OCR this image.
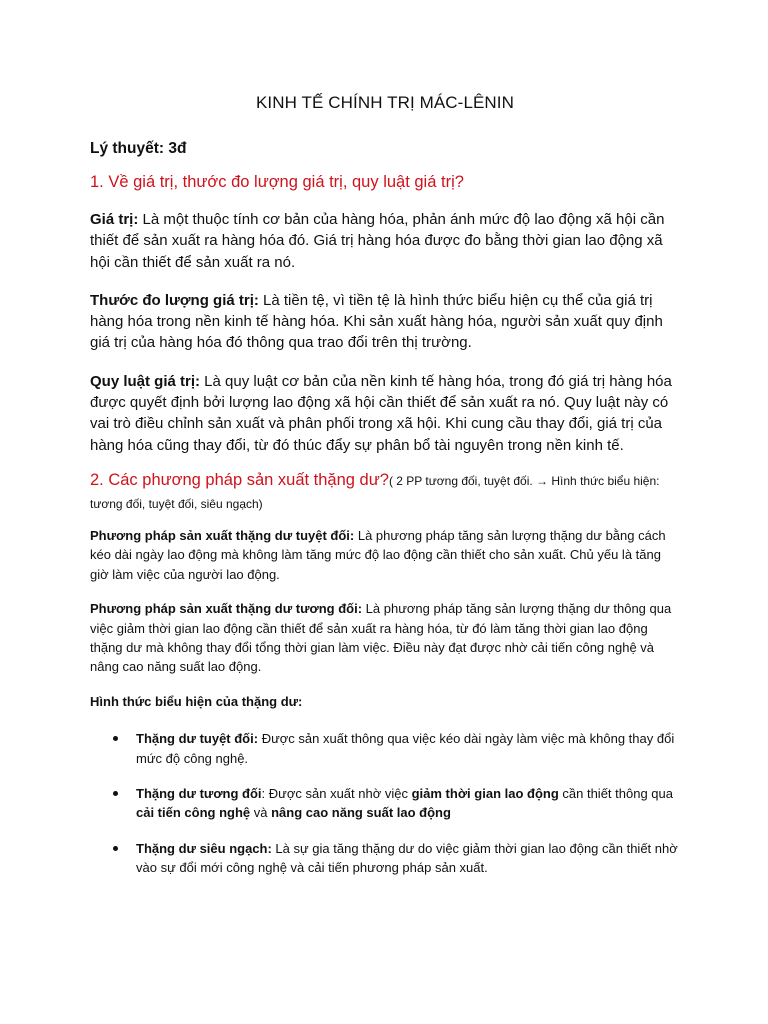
KINH TẾ CHÍNH TRỊ MÁC-LÊNIN
Lý thuyết: 3đ
1. Về giá trị, thước đo lượng giá trị, quy luật giá trị?

Giá trị: Là một thuộc tính cơ bản của hàng hóa, phản ánh mức độ lao động xã hội cần thiết để sản xuất ra hàng hóa đó. Giá trị hàng hóa được đo bằng thời gian lao động xã hội cần thiết để sản xuất ra nó.

Thước đo lượng giá trị: Là tiền tệ, vì tiền tệ là hình thức biểu hiện cụ thể của giá trị hàng hóa trong nền kinh tế hàng hóa. Khi sản xuất hàng hóa, người sản xuất quy định giá trị của hàng hóa đó thông qua trao đổi trên thị trường.

Quy luật giá trị: Là quy luật cơ bản của nền kinh tế hàng hóa, trong đó giá trị hàng hóa được quyết định bởi lượng lao động xã hội cần thiết để sản xuất ra nó. Quy luật này có vai trò điều chỉnh sản xuất và phân phối trong xã hội. Khi cung cầu thay đổi, giá trị của hàng hóa cũng thay đổi, từ đó thúc đẩy sự phân bổ tài nguyên trong nền kinh tế.

2. Các phương pháp sản xuất thặng dư?( 2 PP tương đối, tuyệt đối. → Hình thức biểu hiện: tương đối, tuyệt đối, siêu ngạch)

Phương pháp sản xuất thặng dư tuyệt đối: Là phương pháp tăng sản lượng thặng dư bằng cách kéo dài ngày lao động mà không làm tăng mức độ lao động cần thiết cho sản xuất. Chủ yếu là tăng giờ làm việc của người lao động.

Phương pháp sản xuất thặng dư tương đối: Là phương pháp tăng sản lượng thặng dư thông qua việc giảm thời gian lao động cần thiết để sản xuất ra hàng hóa, từ đó làm tăng thời gian lao động thặng dư mà không thay đổi tổng thời gian làm việc. Điều này đạt được nhờ cải tiến công nghệ và nâng cao năng suất lao động.

Hình thức biểu hiện của thặng dư:

Thặng dư tuyệt đối: Được sản xuất thông qua việc kéo dài ngày làm việc mà không thay đổi mức độ công nghệ.
Thặng dư tương đối: Được sản xuất nhờ việc giảm thời gian lao động cần thiết thông qua cải tiến công nghệ và nâng cao năng suất lao động
Thặng dư siêu ngạch: Là sự gia tăng thặng dư do việc giảm thời gian lao động cần thiết nhờ vào sự đổi mới công nghệ và cải tiến phương pháp sản xuất.
